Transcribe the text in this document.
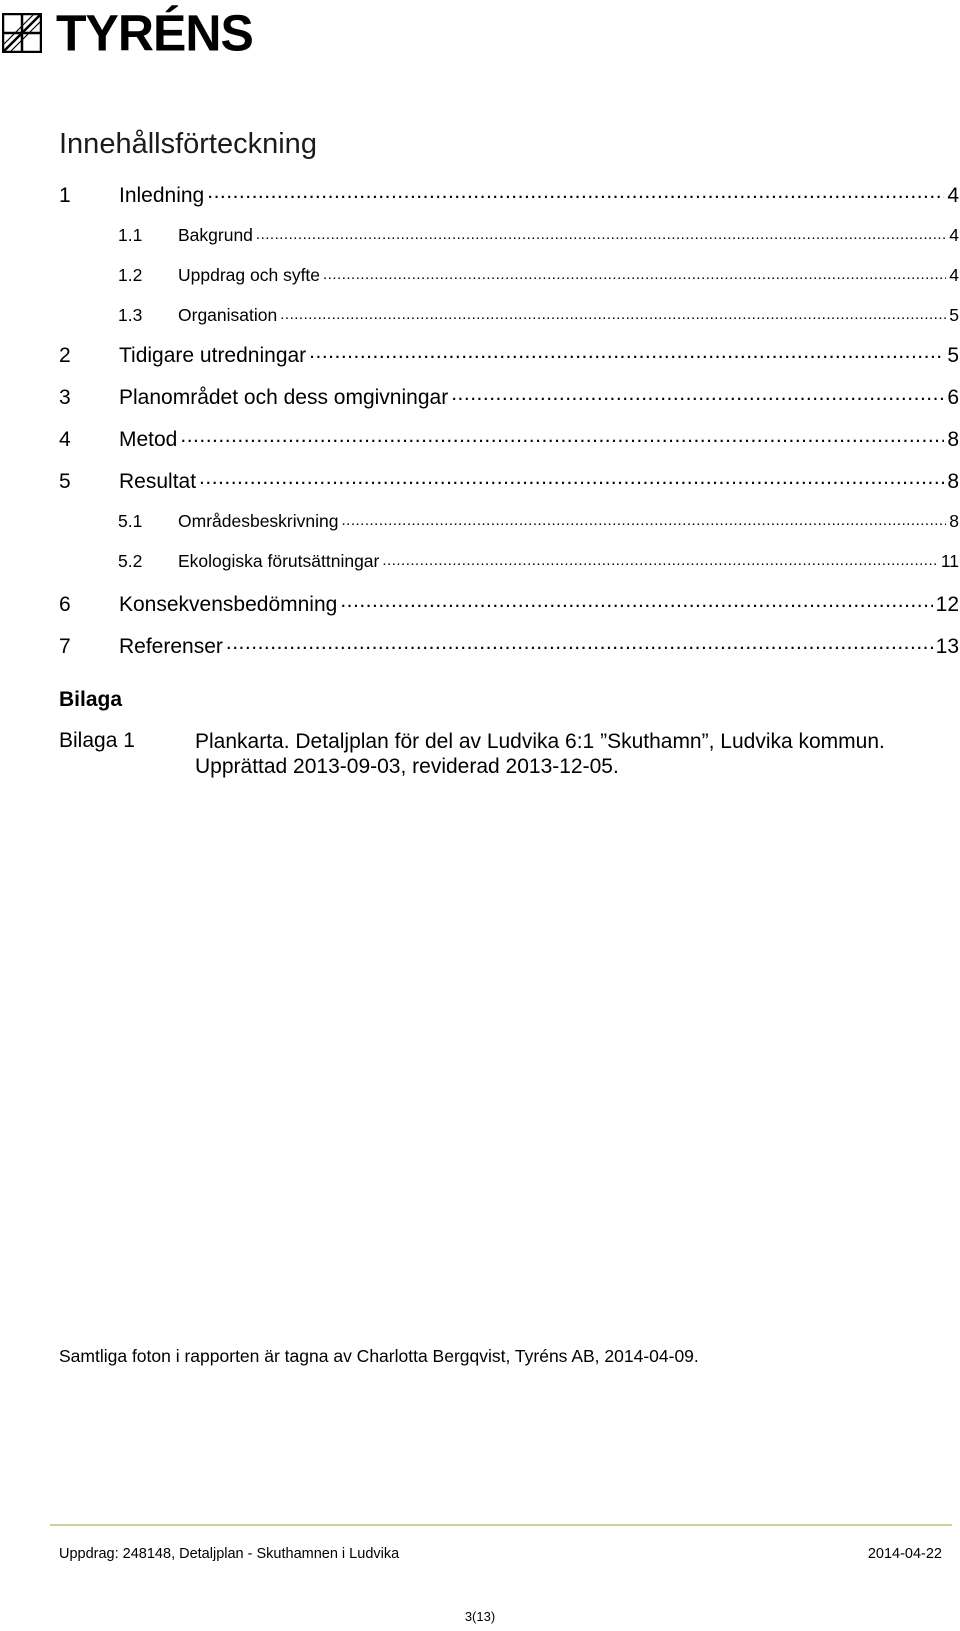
TYRÉNS
Innehållsförteckning
1	Inledning .....	4
1.1	Bakgrund .....	4
1.2	Uppdrag och syfte .....	4
1.3	Organisation .....	5
2	Tidigare utredningar .....	5
3	Planområdet och dess omgivningar .....	6
4	Metod .....	8
5	Resultat .....	8
5.1	Områdesbeskrivning .....	8
5.2	Ekologiska förutsättningar .....	11
6	Konsekvensbedömning .....	12
7	Referenser .....	13
Bilaga
Bilaga 1	Plankarta. Detaljplan för del av Ludvika 6:1 ”Skuthamn”, Ludvika kommun. Upprättad 2013-09-03, reviderad 2013-12-05.
Samtliga foton i rapporten är tagna av Charlotta Bergqvist, Tyréns AB, 2014-04-09.
Uppdrag: 248148, Detaljplan - Skuthamnen i Ludvika	2014-04-22
3(13)
